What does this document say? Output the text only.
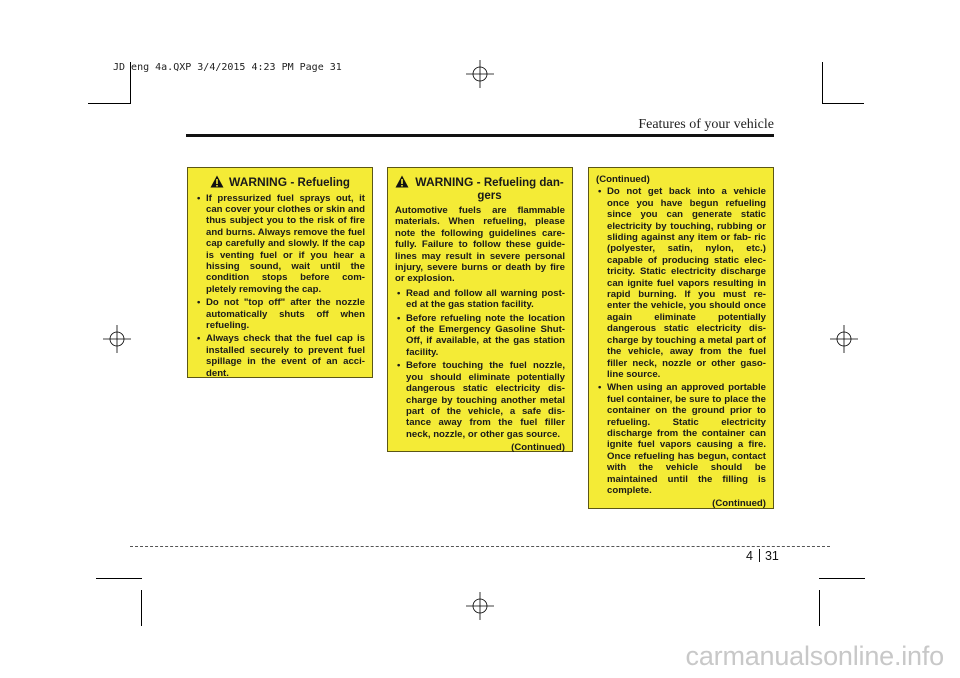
JD eng 4a.QXP 3/4/2015 4:23 PM Page 31
Features of your vehicle
WARNING - Refueling
• If pressurized fuel sprays out, it can cover your clothes or skin and thus subject you to the risk of fire and burns. Always remove the fuel cap carefully and slowly. If the cap is venting fuel or if you hear a hissing sound, wait until the condition stops before com- pletely removing the cap.
• Do not "top off" after the nozzle automatically shuts off when refueling.
• Always check that the fuel cap is installed securely to prevent fuel spillage in the event of an acci- dent.
WARNING - Refueling dan- gers

Automotive fuels are flammable materials. When refueling, please note the following guidelines care- fully. Failure to follow these guide- lines may result in severe personal injury, severe burns or death by fire or explosion.

• Read and follow all warning post- ed at the gas station facility.
• Before refueling note the location of the Emergency Gasoline Shut- Off, if available, at the gas station facility.
• Before touching the fuel nozzle, you should eliminate potentially dangerous static electricity dis- charge by touching another metal part of the vehicle, a safe dis- tance away from the fuel filler neck, nozzle, or other gas source.
(Continued)

(Continued)

• Do not get back into a vehicle once you have begun refueling since you can generate static electricity by touching, rubbing or sliding against any item or fab- ric (polyester, satin, nylon, etc.) capable of producing static elec- tricity. Static electricity discharge can ignite fuel vapors resulting in rapid burning. If you must re- enter the vehicle, you should once again eliminate potentially dangerous static electricity dis- charge by touching a metal part of the vehicle, away from the fuel filler neck, nozzle or other gaso- line source.
• When using an approved portable fuel container, be sure to place the container on the ground prior to refueling. Static electricity discharge from the container can ignite fuel vapors causing a fire. Once refueling has begun, contact with the vehicle should be maintained until the filling is complete.
(Continued)
4 31
carmanualsonline.info
